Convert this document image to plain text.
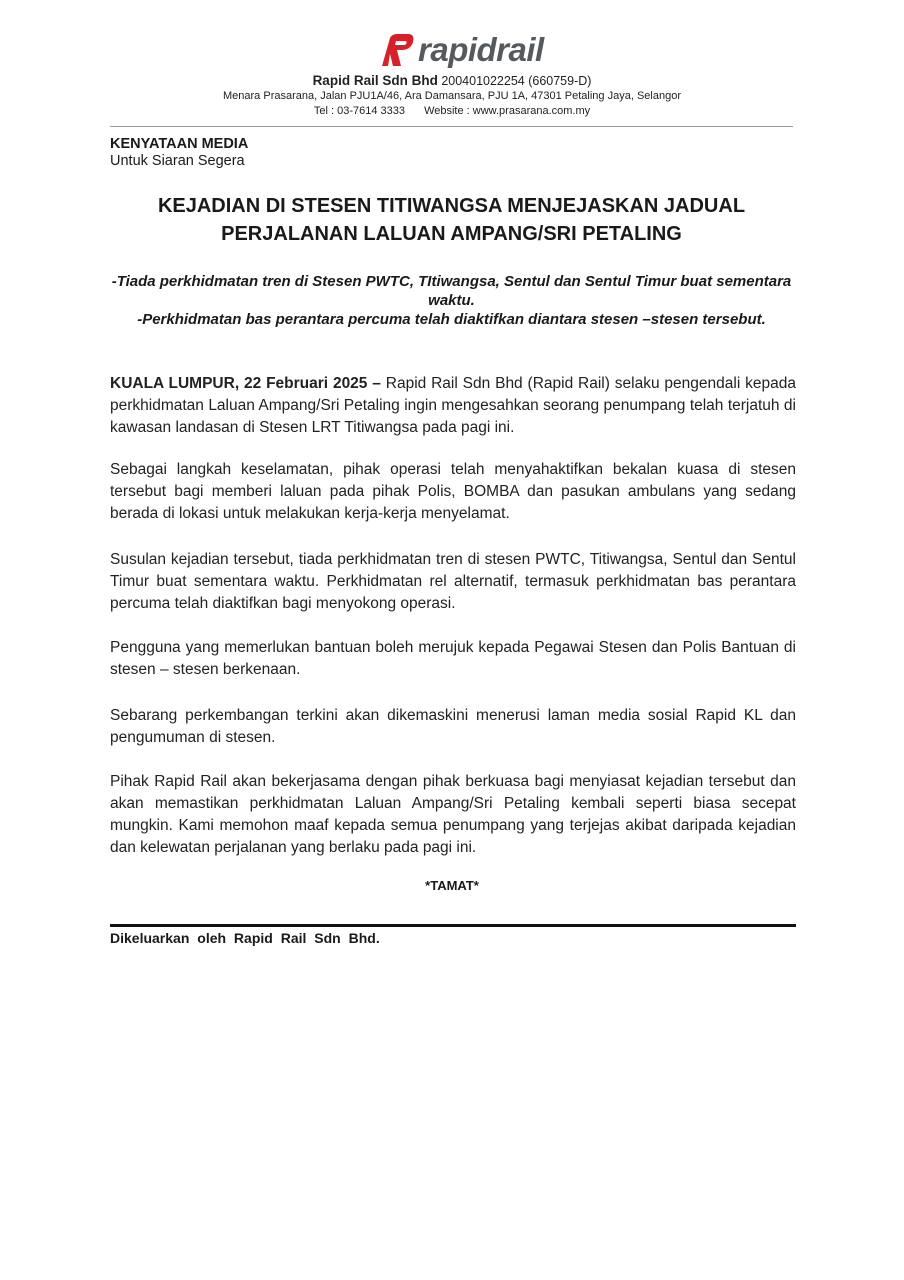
rapidrail
Rapid Rail Sdn Bhd 200401022254 (660759-D)
Menara Prasarana, Jalan PJU1A/46, Ara Damansara, PJU 1A, 47301 Petaling Jaya, Selangor
Tel : 03-7614 3333 Website : www.prasarana.com.my
KENYATAAN MEDIA
Untuk Siaran Segera
KEJADIAN DI STESEN TITIWANGSA MENJEJASKAN JADUAL PERJALANAN LALUAN AMPANG/SRI PETALING
-Tiada perkhidmatan tren di Stesen PWTC, TItiwangsa, Sentul dan Sentul Timur buat sementara waktu.
-Perkhidmatan bas perantara percuma telah diaktifkan diantara stesen –stesen tersebut.
KUALA LUMPUR, 22 Februari 2025 – Rapid Rail Sdn Bhd (Rapid Rail) selaku pengendali kepada perkhidmatan Laluan Ampang/Sri Petaling ingin mengesahkan seorang penumpang telah terjatuh di kawasan landasan di Stesen LRT Titiwangsa pada pagi ini.
Sebagai langkah keselamatan, pihak operasi telah menyahaktifkan bekalan kuasa di stesen tersebut bagi memberi laluan pada pihak Polis, BOMBA dan pasukan ambulans yang sedang berada di lokasi untuk melakukan kerja-kerja menyelamat.
Susulan kejadian tersebut, tiada perkhidmatan tren di stesen PWTC, Titiwangsa, Sentul dan Sentul Timur buat sementara waktu. Perkhidmatan rel alternatif, termasuk perkhidmatan bas perantara percuma telah diaktifkan bagi menyokong operasi.
Pengguna yang memerlukan bantuan boleh merujuk kepada Pegawai Stesen dan Polis Bantuan di stesen – stesen berkenaan.
Sebarang perkembangan terkini akan dikemaskini menerusi laman media sosial Rapid KL dan pengumuman di stesen.
Pihak Rapid Rail akan bekerjasama dengan pihak berkuasa bagi menyiasat kejadian tersebut dan akan memastikan perkhidmatan Laluan Ampang/Sri Petaling kembali seperti biasa secepat mungkin. Kami memohon maaf kepada semua penumpang yang terjejas akibat daripada kejadian dan kelewatan perjalanan yang berlaku pada pagi ini.
*TAMAT*
Dikeluarkan oleh Rapid Rail Sdn Bhd.
